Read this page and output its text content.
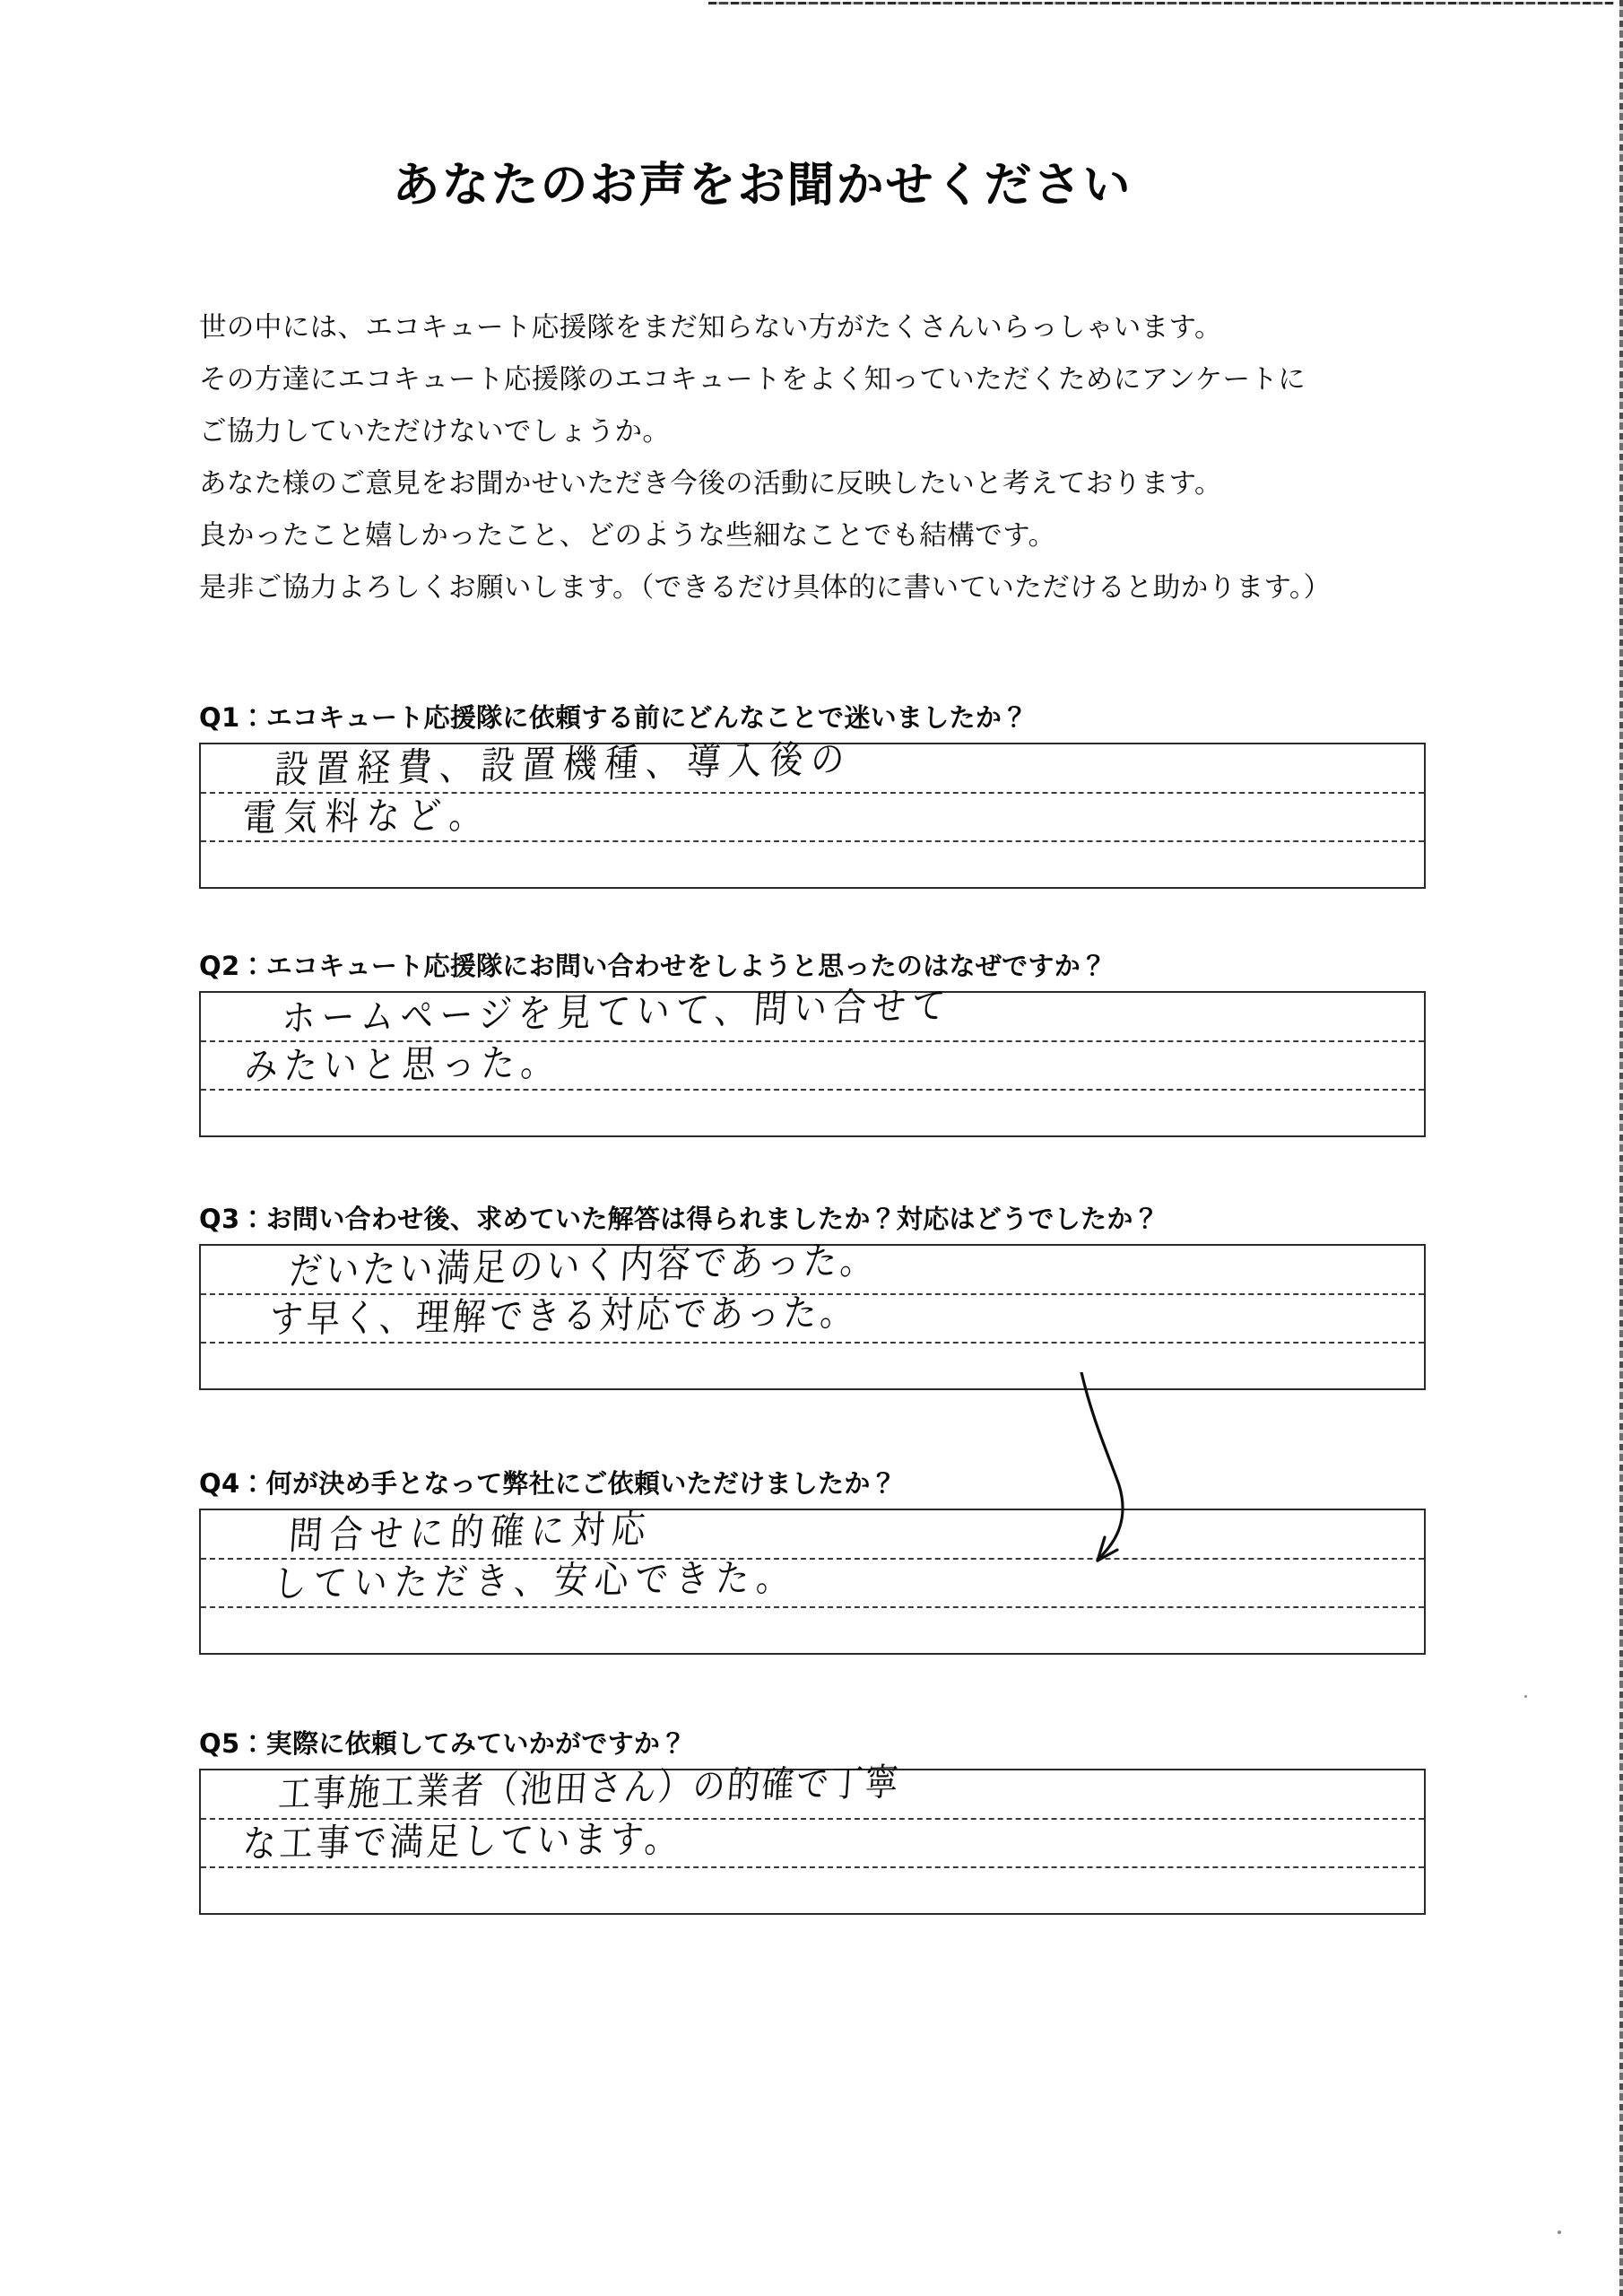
あなたのお声をお聞かせください
世の中には、エコキュート応援隊をまだ知らない方がたくさんいらっしゃいます。
その方達にエコキュート応援隊のエコキュートをよく知っていただくためにアンケートに
ご協力していただけないでしょうか。
あなた様のご意見をお聞かせいただき今後の活動に反映したいと考えております。
良かったこと嬉しかったこと、どのような些細なことでも結構です。
是非ご協力よろしくお願いします。（できるだけ具体的に書いていただけると助かります。）
Q1：エコキュート応援隊に依頼する前にどんなことで迷いましたか？
設置経費、設置機種、導入後の
電気料など。
Q2：エコキュート応援隊にお問い合わせをしようと思ったのはなぜですか？
ホームページを見ていて、問い合せて
みたいと思った。
Q3：お問い合わせ後、求めていた解答は得られましたか？対応はどうでしたか？
だいたい満足のいく内容であった。
す早く、理解できる対応であった。
Q4：何が決め手となって弊社にご依頼いただけましたか？
問合せに的確に対応
していただき、安心できた。
Q5：実際に依頼してみていかがですか？
工事施工業者（池田さん）の的確で丁寧
な工事で満足しています。
